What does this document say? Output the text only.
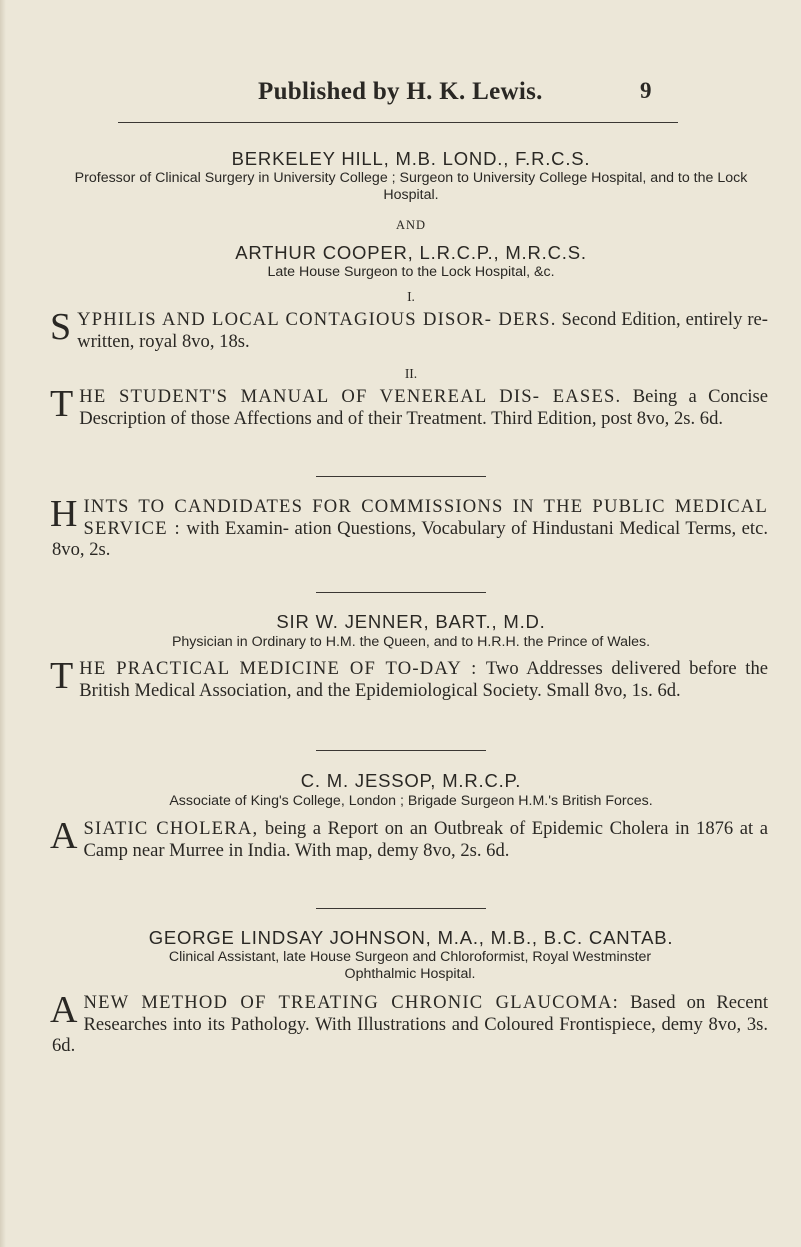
Published by H. K. Lewis.	9
BERKELEY HILL, M.B. LOND., F.R.C.S.
Professor of Clinical Surgery in University College ; Surgeon to University College Hospital, and to the Lock Hospital.
AND
ARTHUR COOPER, L.R.C.P., M.R.C.S.
Late House Surgeon to the Lock Hospital, &c.
I.
SYPHILIS AND LOCAL CONTAGIOUS DISOR- DERS. Second Edition, entirely re-written, royal 8vo, 18s.
II.
THE STUDENT'S MANUAL OF VENEREAL DIS- EASES. Being a Concise Description of those Affections and of their Treatment. Third Edition, post 8vo, 2s. 6d.
HINTS TO CANDIDATES FOR COMMISSIONS IN THE PUBLIC MEDICAL SERVICE : with Examin- ation Questions, Vocabulary of Hindustani Medical Terms, etc. 8vo, 2s.
SIR W. JENNER, BART., M.D.
Physician in Ordinary to H.M. the Queen, and to H.R.H. the Prince of Wales.
THE PRACTICAL MEDICINE OF TO-DAY : Two Addresses delivered before the British Medical Association, and the Epidemiological Society. Small 8vo, 1s. 6d.
C. M. JESSOP, M.R.C.P.
Associate of King's College, London ; Brigade Surgeon H.M.'s British Forces.
ASIATIC CHOLERA, being a Report on an Outbreak of Epidemic Cholera in 1876 at a Camp near Murree in India. With map, demy 8vo, 2s. 6d.
GEORGE LINDSAY JOHNSON, M.A., M.B., B.C. CANTAB.
Clinical Assistant, late House Surgeon and Chloroformist, Royal Westminster Ophthalmic Hospital.
ANEW METHOD OF TREATING CHRONIC GLAUCOMA: Based on Recent Researches into its Pathology. With Illustrations and Coloured Frontispiece, demy 8vo, 3s. 6d.
